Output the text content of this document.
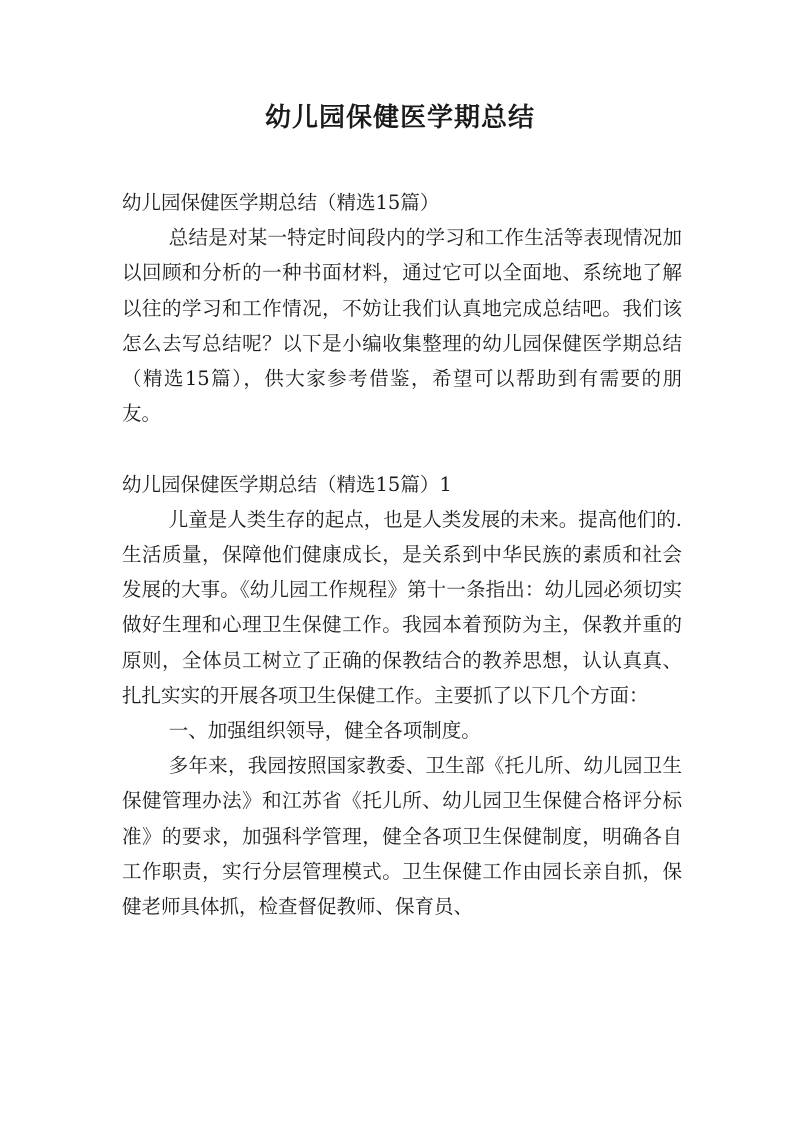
幼儿园保健医学期总结

幼儿园保健医学期总结（精选15篇）

总结是对某一特定时间段内的学习和工作生活等表现情况加以回顾和分析的一种书面材料，通过它可以全面地、系统地了解以往的学习和工作情况，不妨让我们认真地完成总结吧。我们该怎么去写总结呢？以下是小编收集整理的幼儿园保健医学期总结（精选15篇），供大家参考借鉴，希望可以帮助到有需要的朋友。

幼儿园保健医学期总结（精选15篇）1

儿童是人类生存的起点，也是人类发展的未来。提高他们的.生活质量，保障他们健康成长，是关系到中华民族的素质和社会发展的大事。《幼儿园工作规程》第十一条指出：幼儿园必须切实做好生理和心理卫生保健工作。我园本着预防为主，保教并重的原则，全体员工树立了正确的保教结合的教养思想，认认真真、扎扎实实的开展各项卫生保健工作。主要抓了以下几个方面：

一、加强组织领导，健全各项制度。

多年来，我园按照国家教委、卫生部《托儿所、幼儿园卫生保健管理办法》和江苏省《托儿所、幼儿园卫生保健合格评分标准》的要求，加强科学管理，健全各项卫生保健制度，明确各自工作职责，实行分层管理模式。卫生保健工作由园长亲自抓，保健老师具体抓，检查督促教师、保育员、
